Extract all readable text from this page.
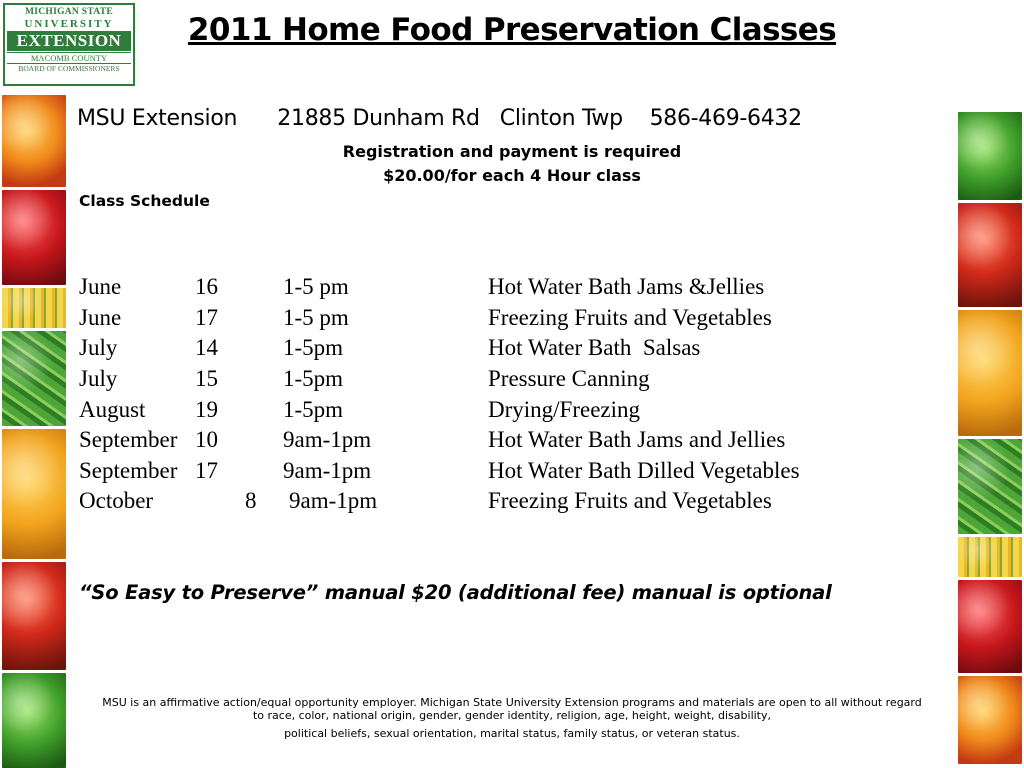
MICHIGAN STATE
UNIVERSITY
EXTENSION
MACOMB COUNTY
BOARD OF COMMISSIONERS
2011 Home Food Preservation Classes
MSU Extension      21885 Dunham Rd   Clinton Twp    586-469-6432
Registration and payment is required
$20.00/for each 4 Hour class
Class Schedule
June	16	1-5 pm	Hot Water Bath Jams &Jellies
June	17	1-5 pm	Freezing Fruits and Vegetables
July	14	1-5pm	Hot Water Bath  Salsas
July	15	1-5pm	Pressure Canning
August	19	1-5pm	Drying/Freezing
September 10	9am-1pm	Hot Water Bath Jams and Jellies
September 17	9am-1pm	Hot Water Bath Dilled Vegetables
October	8	9am-1pm	Freezing Fruits and Vegetables
“So Easy to Preserve” manual $20 (additional fee) manual is optional
MSU is an affirmative action/equal opportunity employer. Michigan State University Extension programs and materials are open to all without regard
to race, color, national origin, gender, gender identity, religion, age, height, weight, disability,
political beliefs, sexual orientation, marital status, family status, or veteran status.
